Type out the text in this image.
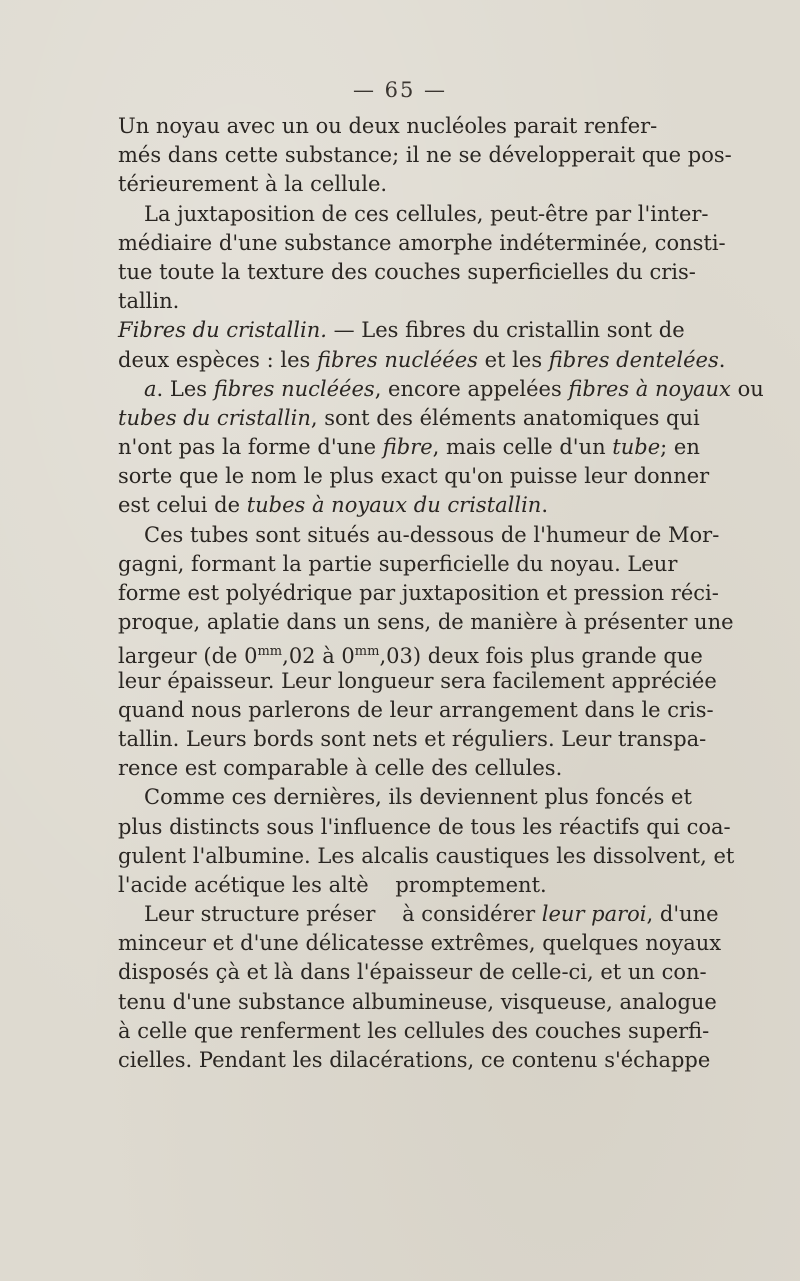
— 65 —
Un noyau avec un ou deux nucléoles parait renfer-
més dans cette substance; il ne se développerait que pos-
térieurement à la cellule.
La juxtaposition de ces cellules, peut-être par l'inter-
médiaire d'une substance amorphe indéterminée, consti-
tue toute la texture des couches superficielles du cris-
tallin.
Fibres du cristallin. — Les fibres du cristallin sont de
deux espèces : les fibres nucléées et les fibres dentelées.
a. Les fibres nucléées, encore appelées fibres à noyaux ou
tubes du cristallin, sont des éléments anatomiques qui
n'ont pas la forme d'une fibre, mais celle d'un tube; en
sorte que le nom le plus exact qu'on puisse leur donner
est celui de tubes à noyaux du cristallin.
Ces tubes sont situés au-dessous de l'humeur de Mor-
gagni, formant la partie superficielle du noyau. Leur
forme est polyédrique par juxtaposition et pression réci-
proque, aplatie dans un sens, de manière à présenter une
largeur (de $0^{mm},02$ à $0^{mm},03$) deux fois plus grande que
leur épaisseur. Leur longueur sera facilement appréciée
quand nous parlerons de leur arrangement dans le cris-
tallin. Leurs bords sont nets et réguliers. Leur transpa-
rence est comparable à celle des cellules.
Comme ces dernières, ils deviennent plus foncés et
plus distincts sous l'influence de tous les réactifs qui coa-
gulent l'albumine. Les alcalis caustiques les dissolvent, et
l'acide acétique les altè    promptement.
Leur structure préser    à considérer leur paroi, d'une
minceur et d'une délicatesse extrêmes, quelques noyaux
disposés çà et là dans l'épaisseur de celle-ci, et un con-
tenu d'une substance albumineuse, visqueuse, analogue
à celle que renferment les cellules des couches superfi-
cielles. Pendant les dilacérations, ce contenu s'échappe
